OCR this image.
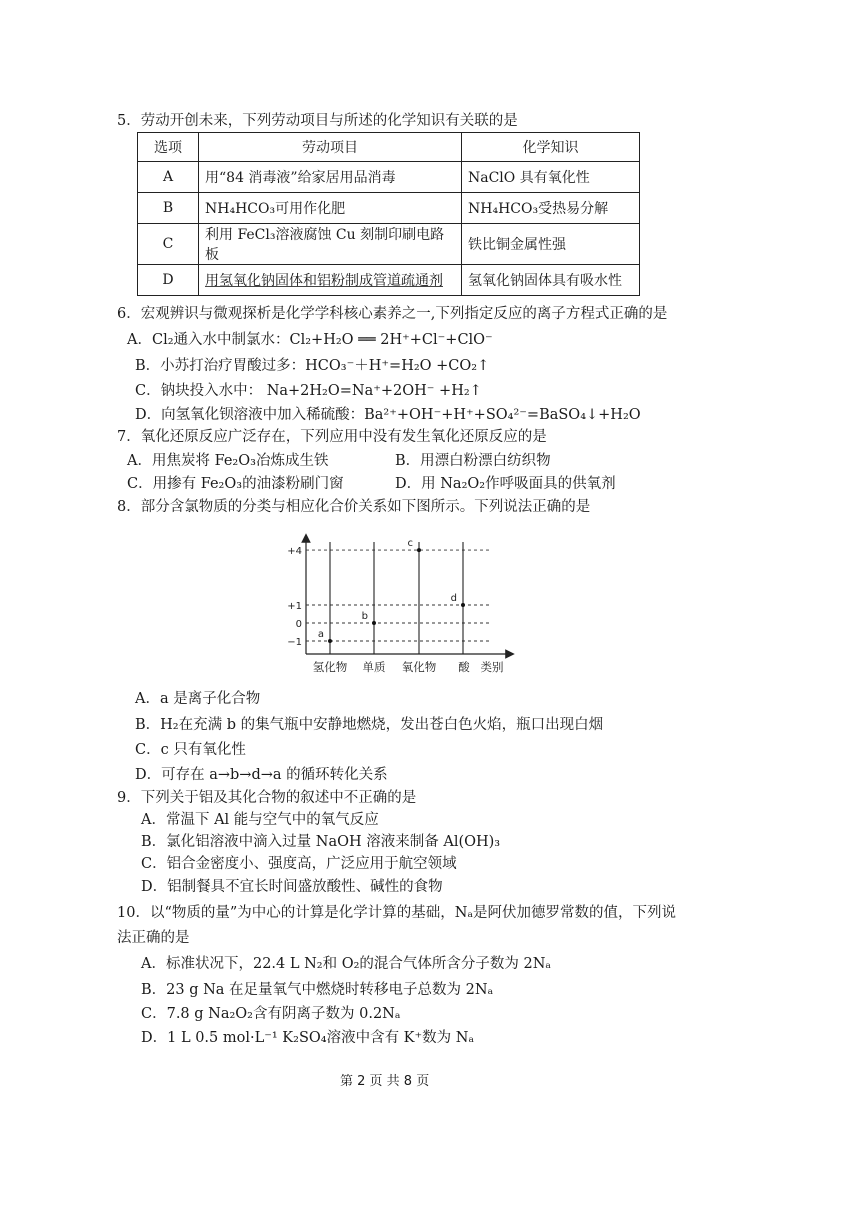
5．劳动开创未来，下列劳动项目与所述的化学知识有关联的是
选项	劳动项目	化学知识
A	用“84 消毒液”给家居用品消毒	NaClO 具有氧化性
B	NH₄HCO₃可用作化肥	NH₄HCO₃受热易分解
C	利用 FeCl₃溶液腐蚀 Cu 刻制印刷电路板	铁比铜金属性强
D	用氢氧化钠固体和铝粉制成管道疏通剂	氢氧化钠固体具有吸水性
6．宏观辨识与微观探析是化学学科核心素养之一,下列指定反应的离子方程式正确的是
A．Cl₂通入水中制氯水：Cl₂+H₂O ══ 2H⁺+Cl⁻+ClO⁻
B．小苏打治疗胃酸过多：HCO₃⁻＋H⁺=H₂O +CO₂↑
C．钠块投入水中： Na+2H₂O=Na⁺+2OH⁻ +H₂↑
D．向氢氧化钡溶液中加入稀硫酸：Ba²⁺+OH⁻+H⁺+SO₄²⁻=BaSO₄↓+H₂O
7．氧化还原反应广泛存在，下列应用中没有发生氧化还原反应的是
A．用焦炭将 Fe₂O₃冶炼成生铁	B．用漂白粉漂白纺织物
C．用掺有 Fe₂O₃的油漆粉刷门窗	D．用 Na₂O₂作呼吸面具的供氧剂
8．部分含氯物质的分类与相应化合价关系如下图所示。下列说法正确的是
+4
+1
0
−1
氢化物 单质 氧化物 酸 类别
a
b
c
d
A．a 是离子化合物
B．H₂在充满 b 的集气瓶中安静地燃烧，发出苍白色火焰，瓶口出现白烟
C．c 只有氧化性
D．可存在 a→b→d→a 的循环转化关系
9．下列关于铝及其化合物的叙述中不正确的是
A．常温下 Al 能与空气中的氧气反应
B．氯化铝溶液中滴入过量 NaOH 溶液来制备 Al(OH)₃
C．铝合金密度小、强度高，广泛应用于航空领域
D．铝制餐具不宜长时间盛放酸性、碱性的食物
10．以“物质的量”为中心的计算是化学计算的基础，Nₐ是阿伏加德罗常数的值，下列说
法正确的是
A．标准状况下，22.4 L N₂和 O₂的混合气体所含分子数为 2Nₐ
B．23 g Na 在足量氧气中燃烧时转移电子总数为 2Nₐ
C．7.8 g Na₂O₂含有阴离子数为 0.2Nₐ
D．1 L 0.5 mol·L⁻¹ K₂SO₄溶液中含有 K⁺数为 Nₐ
第 2 页 共 8 页
